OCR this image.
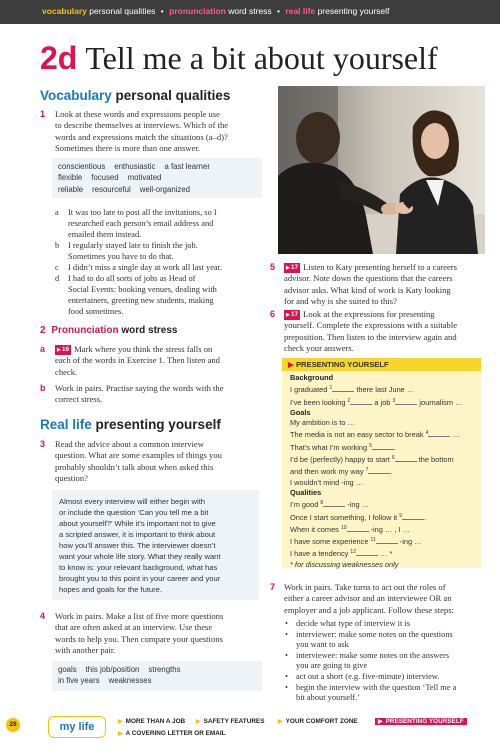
vocabulary personal qualities • pronunciation word stress • real life presenting yourself
2d Tell me a bit about yourself
Vocabulary personal qualities
1 Look at these words and expressions people use
to describe themselves at interviews. Which of the
words and expressions match the situations (a–d)?
Sometimes there is more than one answer.
conscientious enthusiastic a fast learner
flexible focused motivated
reliable resourceful well-organized
a	It was too late to post all the invitations, so I
researched each person’s email address and
emailed them instead.
b	I regularly stayed late to finish the job.
Sometimes you have to do that.
c	I didn’t miss a single day at work all last year.
d	I had to do all sorts of jobs as Head of
Social Events: booking venues, dealing with
entertainers, greeting new students, making
food sometimes.
2 Pronunciation word stress
a	▶ 16 Mark where you think the stress falls on
each of the words in Exercise 1. Then listen and
check.
b Work in pairs. Practise saying the words with the
correct stress.
Real life presenting yourself
3 Read the advice about a common interview
question. What are some examples of things you
probably shouldn’t talk about when asked this
question?
Almost every interview will either begin with
or include the question ‘Can you tell me a bit
about yourself?’ While it’s important not to give
a scripted answer, it is important to think about
how you’ll answer this. The interviewer doesn’t
want your whole life story. What they really want
to know is: your relevant background, what has
brought you to this point in your career and your
hopes and goals for the future.
4 Work in pairs. Make a list of five more questions
that are often asked at an interview. Use these
words to help you. Then compare your questions
with another pair.
goals this job/position strengths
in five years weaknesses
5	▶ 17 Listen to Katy presenting herself to a careers
advisor. Note down the questions that the careers
advisor asks. What kind of work is Katy looking
for and why is she suited to this?
6	▶ 17 Look at the expressions for presenting
yourself. Complete the expressions with a suitable
preposition. Then listen to the interview again and
check your answers.
▶ PRESENTING YOURSELF
Background
I graduated $^1$	there last June …
I’ve been looking $^2$	a job $^3$	journalism …
Goals
My ambition is to …
The media is not an easy sector to break $^4$	…
That’s what I’m working $^5$	.
I’d be (perfectly) happy to start $^6$	the bottom
and then work my way $^7$	.
I wouldn’t mind -ing …
Qualities
I’m good $^8$	-ing …
Once I start something, I follow it $^9$	.
When it comes $^{10}$	-ing … , I …
I have some experience $^{11}$	-ing …
I have a tendency $^{12}$	… *
* for discussing weaknesses only
7 Work in pairs. Take turns to act out the roles of
either a career advisor and an interviewee OR an
employer and a job applicant. Follow these steps:
• decide what type of interview it is
• interviewer: make some notes on the questions
you want to ask
• interviewee: make some notes on the answers
you are going to give
• act out a short (e.g. five-minute) interview.
• begin the interview with the question ‘Tell me a
bit about yourself.’
28	my life	▶ MORE THAN A JOB ▶ SAFETY FEATURES ▶ YOUR COMFORT ZONE	▶ PRESENTING YOURSELF
▶ A COVERING LETTER OR EMAIL
